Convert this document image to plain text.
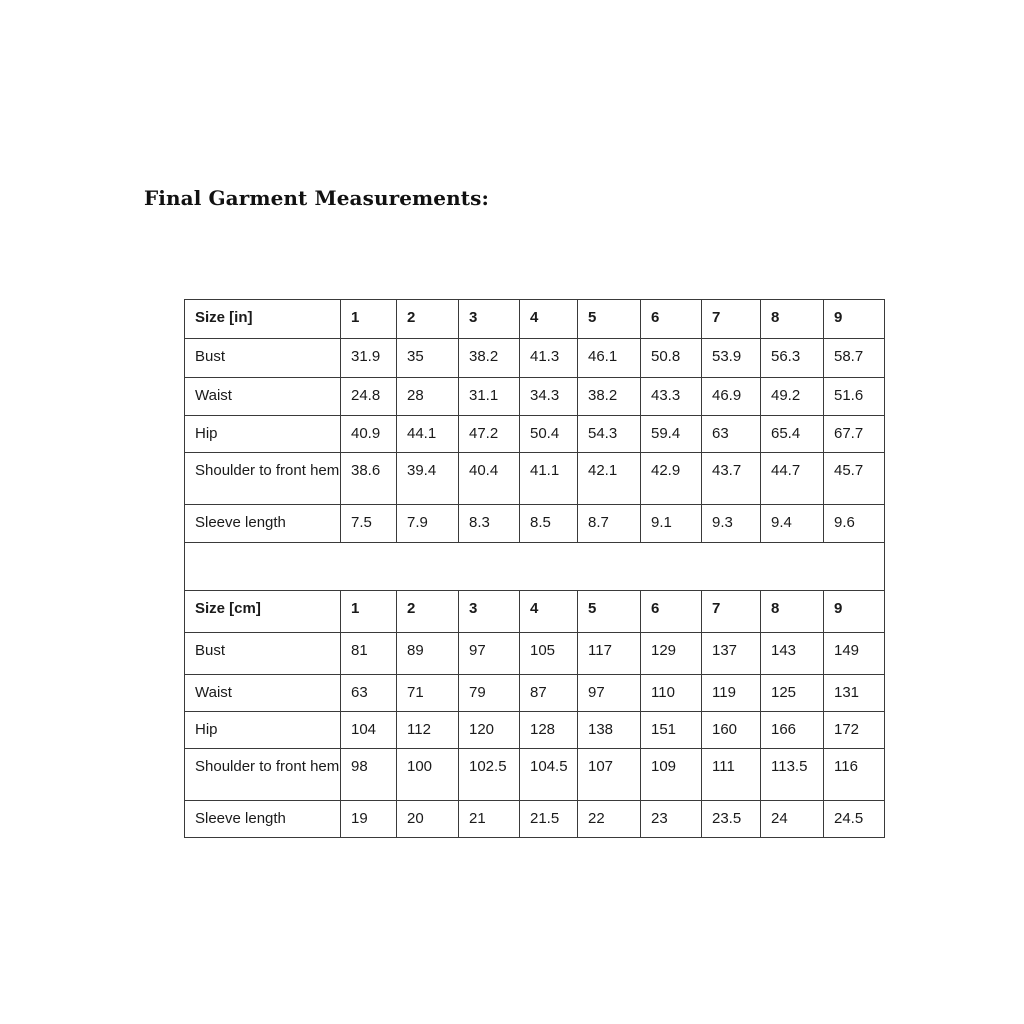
Final Garment Measurements:
Size [in]	1	2	3	4	5	6	7	8	9
Bust	31.9	35	38.2	41.3	46.1	50.8	53.9	56.3	58.7
Waist	24.8	28	31.1	34.3	38.2	43.3	46.9	49.2	51.6
Hip	40.9	44.1	47.2	50.4	54.3	59.4	63	65.4	67.7
Shoulder to front hem	38.6	39.4	40.4	41.1	42.1	42.9	43.7	44.7	45.7
Sleeve length	7.5	7.9	8.3	8.5	8.7	9.1	9.3	9.4	9.6

Size [cm]	1	2	3	4	5	6	7	8	9
Bust	81	89	97	105	117	129	137	143	149
Waist	63	71	79	87	97	110	119	125	131
Hip	104	112	120	128	138	151	160	166	172
Shoulder to front hem	98	100	102.5	104.5	107	109	111	113.5	116
Sleeve length	19	20	21	21.5	22	23	23.5	24	24.5
